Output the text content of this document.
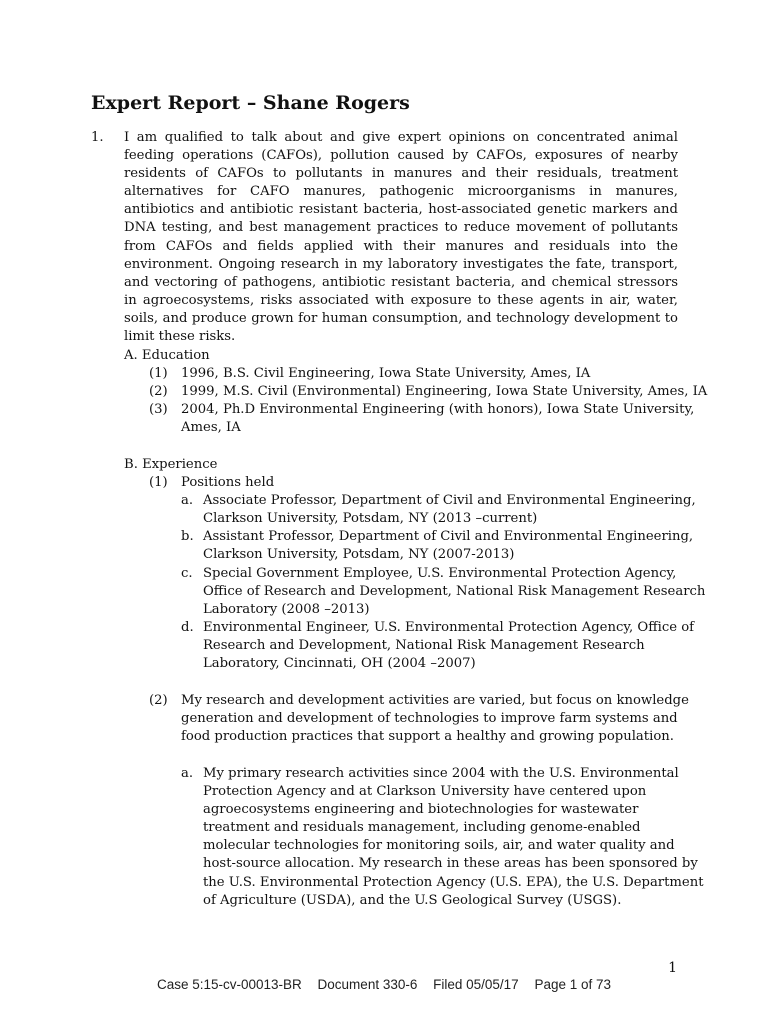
Expert Report – Shane Rogers
1. I am qualified to talk about and give expert opinions on concentrated animal feeding operations (CAFOs), pollution caused by CAFOs, exposures of nearby residents of CAFOs to pollutants in manures and their residuals, treatment alternatives for CAFO manures, pathogenic microorganisms in manures, antibiotics and antibiotic resistant bacteria, host-associated genetic markers and DNA testing, and best management practices to reduce movement of pollutants from CAFOs and fields applied with their manures and residuals into the environment. Ongoing research in my laboratory investigates the fate, transport, and vectoring of pathogens, antibiotic resistant bacteria, and chemical stressors in agroecosystems, risks associated with exposure to these agents in air, water, soils, and produce grown for human consumption, and technology development to limit these risks.
A. Education
(1) 1996, B.S. Civil Engineering, Iowa State University, Ames, IA
(2) 1999, M.S. Civil (Environmental) Engineering, Iowa State University, Ames, IA
(3) 2004, Ph.D Environmental Engineering (with honors), Iowa State University,
Ames, IA
B. Experience
(1) Positions held
a. Associate Professor, Department of Civil and Environmental Engineering,
Clarkson University, Potsdam, NY (2013 –current)
b. Assistant Professor, Department of Civil and Environmental Engineering,
Clarkson University, Potsdam, NY (2007-2013)
c. Special Government Employee, U.S. Environmental Protection Agency,
Office of Research and Development, National Risk Management Research
Laboratory (2008 –2013)
d. Environmental Engineer, U.S. Environmental Protection Agency, Office of
Research and Development, National Risk Management Research
Laboratory, Cincinnati, OH (2004 –2007)
(2) My research and development activities are varied, but focus on knowledge
generation and development of technologies to improve farm systems and
food production practices that support a healthy and growing population.
a. My primary research activities since 2004 with the U.S. Environmental
Protection Agency and at Clarkson University have centered upon
agroecosystems engineering and biotechnologies for wastewater
treatment and residuals management, including genome-enabled
molecular technologies for monitoring soils, air, and water quality and
host-source allocation. My research in these areas has been sponsored by
the U.S. Environmental Protection Agency (U.S. EPA), the U.S. Department
of Agriculture (USDA), and the U.S Geological Survey (USGS).
1
Case 5:15-cv-00013-BR Document 330-6 Filed 05/05/17 Page 1 of 73
